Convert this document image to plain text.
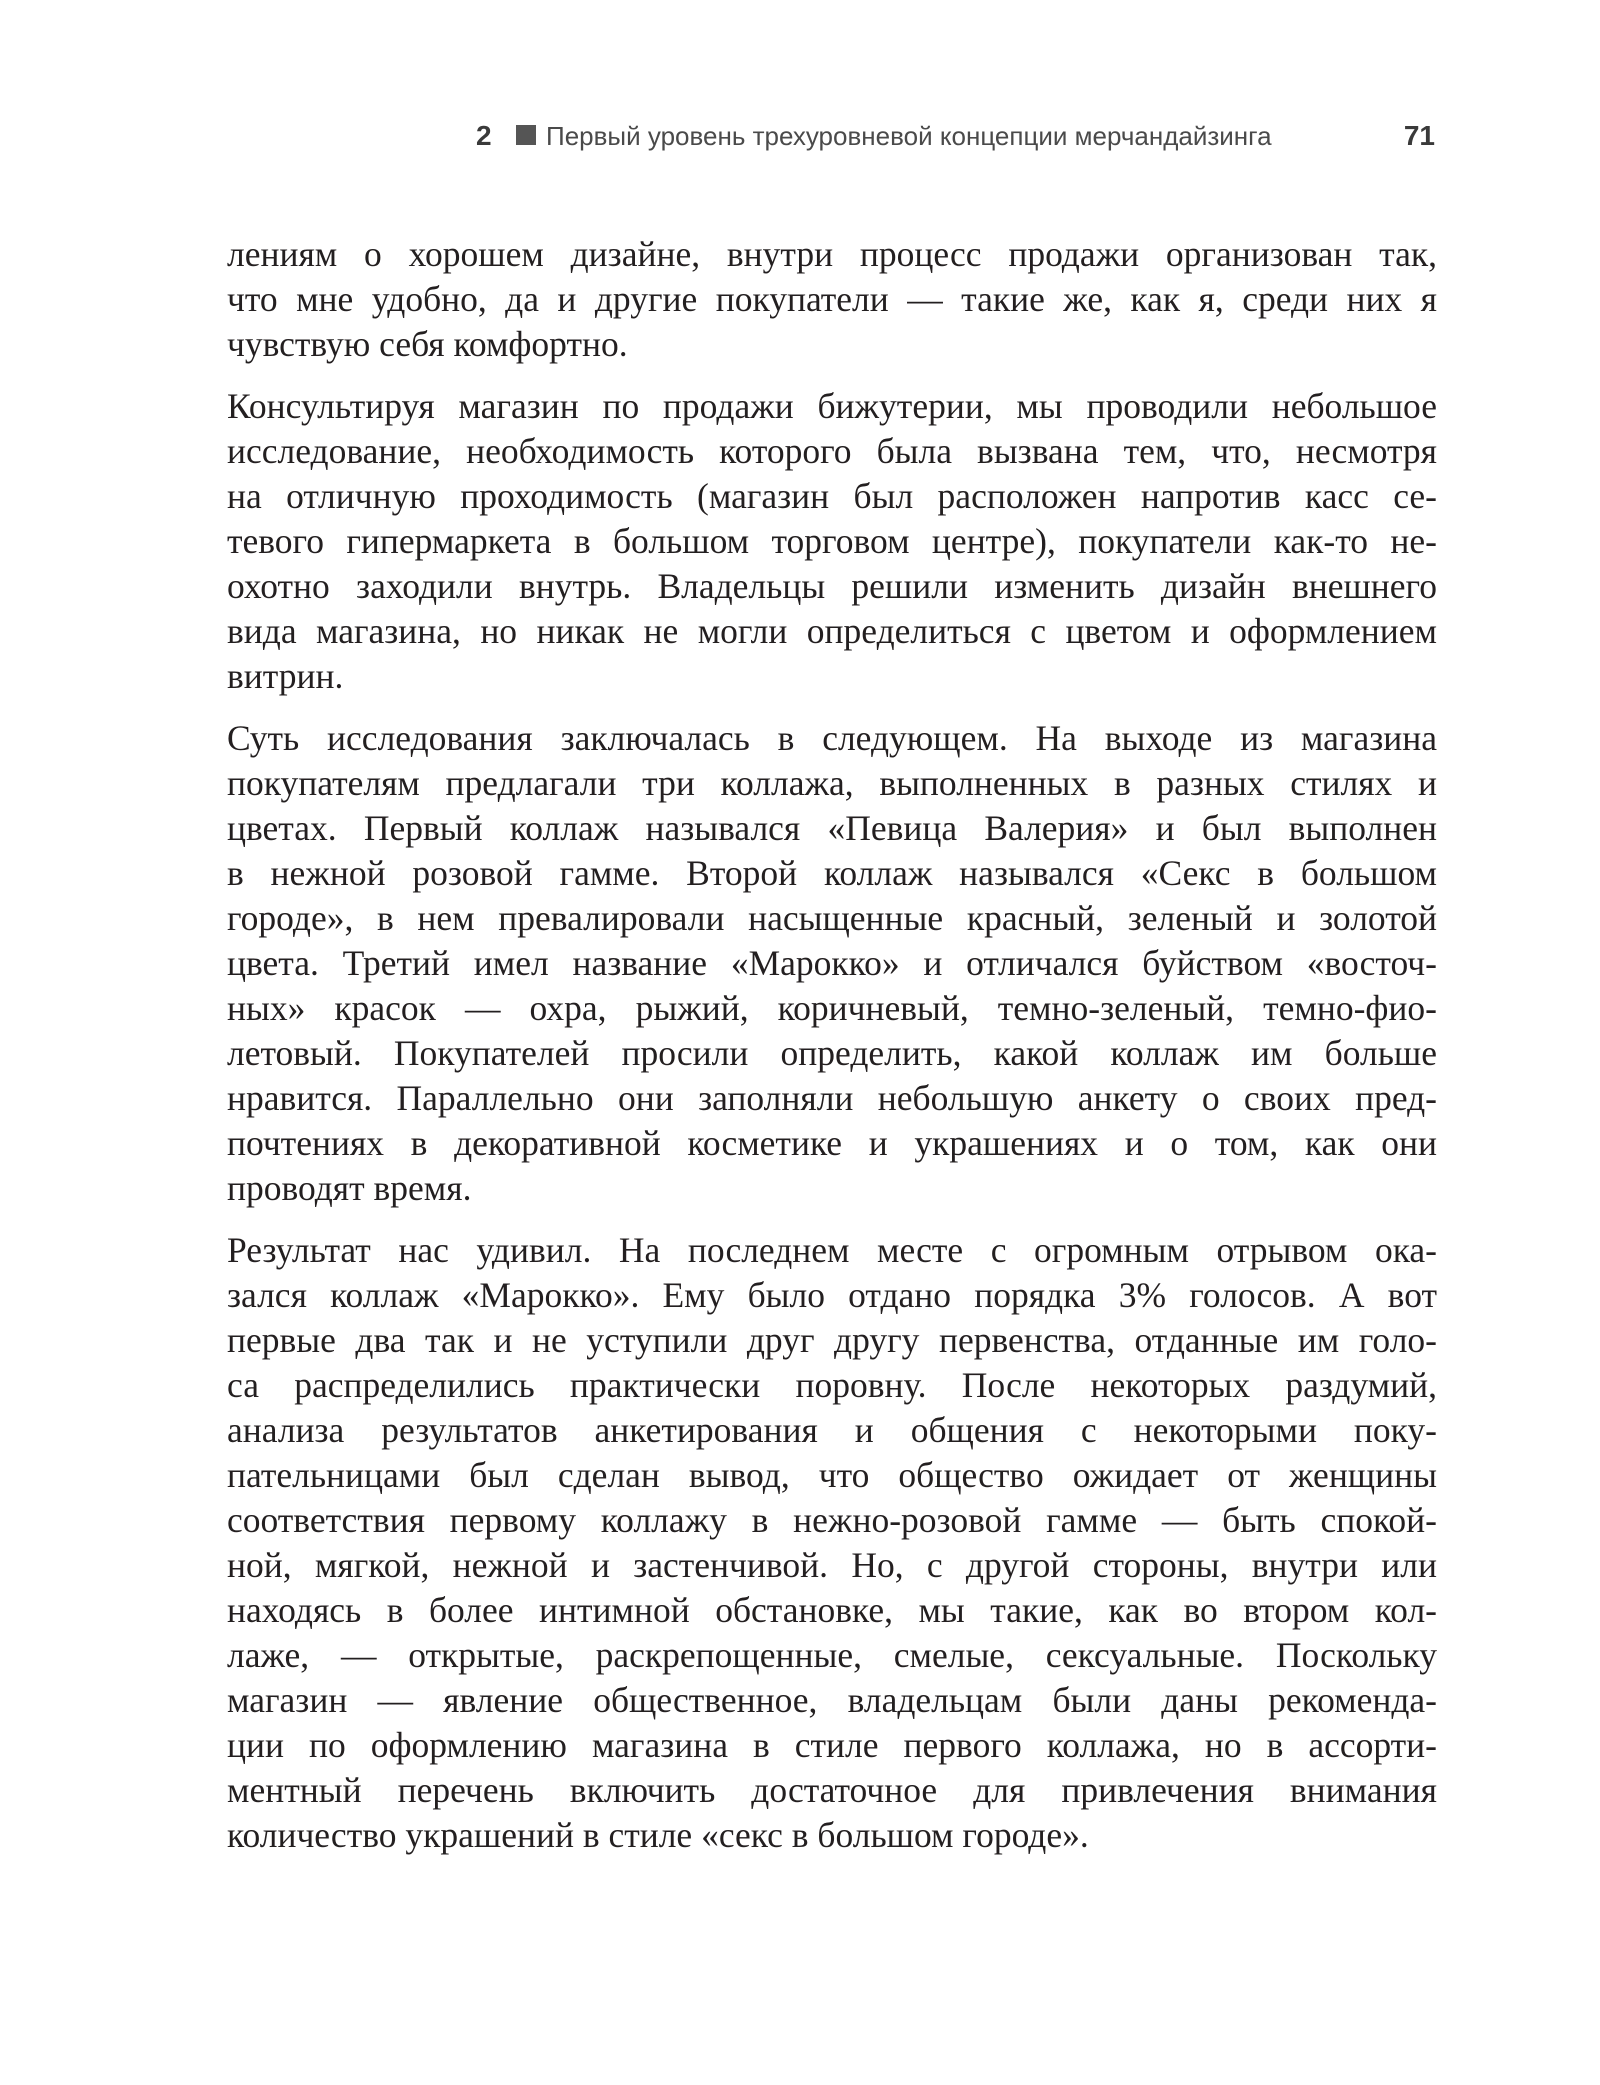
2 Первый уровень трехуровневой концепции мерчандайзинга	71

лениям о хорошем дизайне, внутри процесс продажи организован так,
что мне удобно, да и другие покупатели — такие же, как я, среди них я
чувствую себя комфортно.

Консультируя магазин по продажи бижутерии, мы проводили небольшое
исследование, необходимость которого была вызвана тем, что, несмотря
на отличную проходимость (магазин был расположен напротив касс се-
тевого гипермаркета в большом торговом центре), покупатели как-то не-
охотно заходили внутрь. Владельцы решили изменить дизайн внешнего
вида магазина, но никак не могли определиться с цветом и оформлением
витрин.

Суть исследования заключалась в следующем. На выходе из магазина
покупателям предлагали три коллажа, выполненных в разных стилях и
цветах. Первый коллаж назывался «Певица Валерия» и был выполнен
в нежной розовой гамме. Второй коллаж назывался «Секс в большом
городе», в нем превалировали насыщенные красный, зеленый и золотой
цвета. Третий имел название «Марокко» и отличался буйством «восточ-
ных» красок — охра, рыжий, коричневый, темно-зеленый, темно-фио-
летовый. Покупателей просили определить, какой коллаж им больше
нравится. Параллельно они заполняли небольшую анкету о своих пред-
почтениях в декоративной косметике и украшениях и о том, как они
проводят время.

Результат нас удивил. На последнем месте с огромным отрывом ока-
зался коллаж «Марокко». Ему было отдано порядка 3% голосов. А вот
первые два так и не уступили друг другу первенства, отданные им голо-
са распределились практически поровну. После некоторых раздумий,
анализа результатов анкетирования и общения с некоторыми поку-
пательницами был сделан вывод, что общество ожидает от женщины
соответствия первому коллажу в нежно-розовой гамме — быть спокой-
ной, мягкой, нежной и застенчивой. Но, с другой стороны, внутри или
находясь в более интимной обстановке, мы такие, как во втором кол-
лаже, — открытые, раскрепощенные, смелые, сексуальные. Поскольку
магазин — явление общественное, владельцам были даны рекоменда-
ции по оформлению магазина в стиле первого коллажа, но в ассорти-
ментный перечень включить достаточное для привлечения внимания
количество украшений в стиле «секс в большом городе».
